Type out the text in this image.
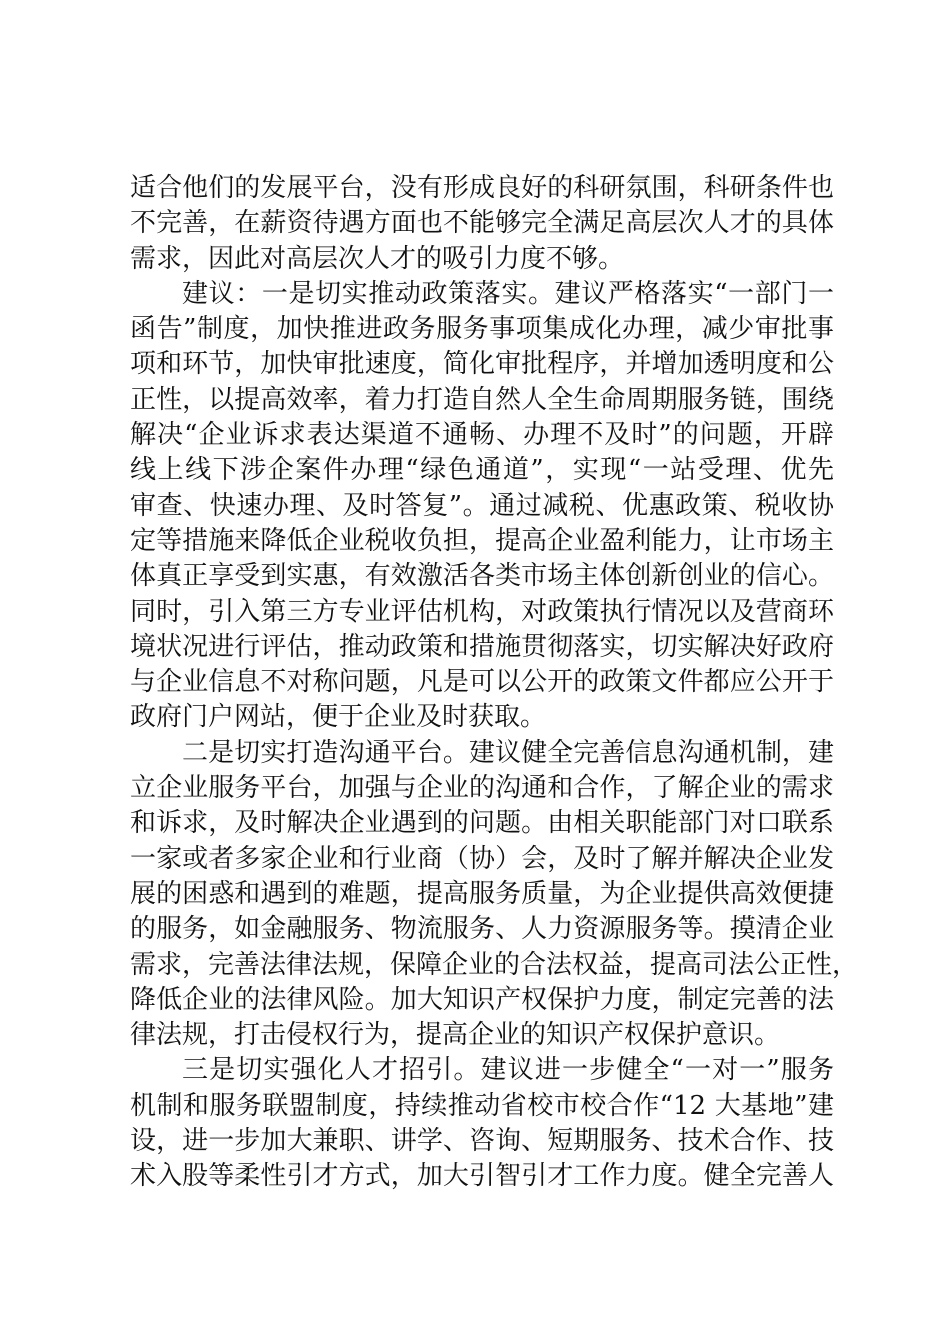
适合他们的发展平台，没有形成良好的科研氛围，科研条件也
不完善，在薪资待遇方面也不能够完全满足高层次人才的具体
需求，因此对高层次人才的吸引力度不够。
建议：一是切实推动政策落实。建议严格落实“一部门一
函告”制度，加快推进政务服务事项集成化办理，减少审批事
项和环节，加快审批速度，简化审批程序，并增加透明度和公
正性，以提高效率，着力打造自然人全生命周期服务链，围绕
解决“企业诉求表达渠道不通畅、办理不及时”的问题，开辟
线上线下涉企案件办理“绿色通道”，实现“一站受理、优先
审查、快速办理、及时答复”。通过减税、优惠政策、税收协
定等措施来降低企业税收负担，提高企业盈利能力，让市场主
体真正享受到实惠，有效激活各类市场主体创新创业的信心。
同时，引入第三方专业评估机构，对政策执行情况以及营商环
境状况进行评估，推动政策和措施贯彻落实，切实解决好政府
与企业信息不对称问题，凡是可以公开的政策文件都应公开于
政府门户网站，便于企业及时获取。
二是切实打造沟通平台。建议健全完善信息沟通机制，建
立企业服务平台，加强与企业的沟通和合作，了解企业的需求
和诉求，及时解决企业遇到的问题。由相关职能部门对口联系
一家或者多家企业和行业商（协）会，及时了解并解决企业发
展的困惑和遇到的难题，提高服务质量，为企业提供高效便捷
的服务，如金融服务、物流服务、人力资源服务等。摸清企业
需求，完善法律法规，保障企业的合法权益，提高司法公正性，
降低企业的法律风险。加大知识产权保护力度，制定完善的法
律法规，打击侵权行为，提高企业的知识产权保护意识。
三是切实强化人才招引。建议进一步健全“一对一”服务
机制和服务联盟制度，持续推动省校市校合作“12 大基地”建
设，进一步加大兼职、讲学、咨询、短期服务、技术合作、技
术入股等柔性引才方式，加大引智引才工作力度。健全完善人
